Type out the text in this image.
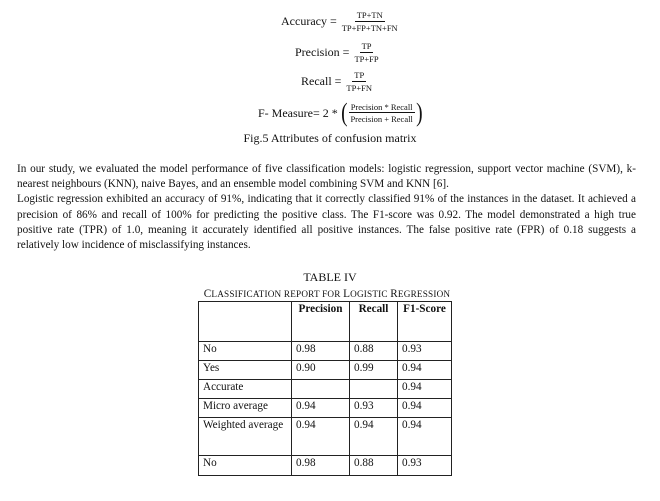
Accuracy = $\frac{TP+TN}{TP+FP+TN+FN}$
Precision = $\frac{TP}{TP+FP}$
Recall = $\frac{TP}{TP+FN}$
F- Measure= 2 * ( $\frac{\text{Precision * Recall}}{\text{Precision + Recall}}$ )
Fig.5 Attributes of confusion matrix

In our study, we evaluated the model performance of five classification models: logistic regression, support vector machine (SVM), k-nearest neighbours (KNN), naive Bayes, and an ensemble model combining SVM and KNN [6].

Logistic regression exhibited an accuracy of 91%, indicating that it correctly classified 91% of the instances in the dataset. It achieved a precision of 86% and recall of 100% for predicting the positive class. The F1-score was 0.92. The model demonstrated a high true positive rate (TPR) of 1.0, meaning it accurately identified all positive instances. The false positive rate (FPR) of 0.18 suggests a relatively low incidence of misclassifying instances.

TABLE IV
CLASSIFICATION REPORT FOR LOGISTIC REGRESSION
	Precision	Recall	F1-Score
No	0.98	0.88	0.93
Yes	0.90	0.99	0.94
Accurate			0.94
Micro average	0.94	0.93	0.94
Weighted average	0.94	0.94	0.94
No	0.98	0.88	0.93
